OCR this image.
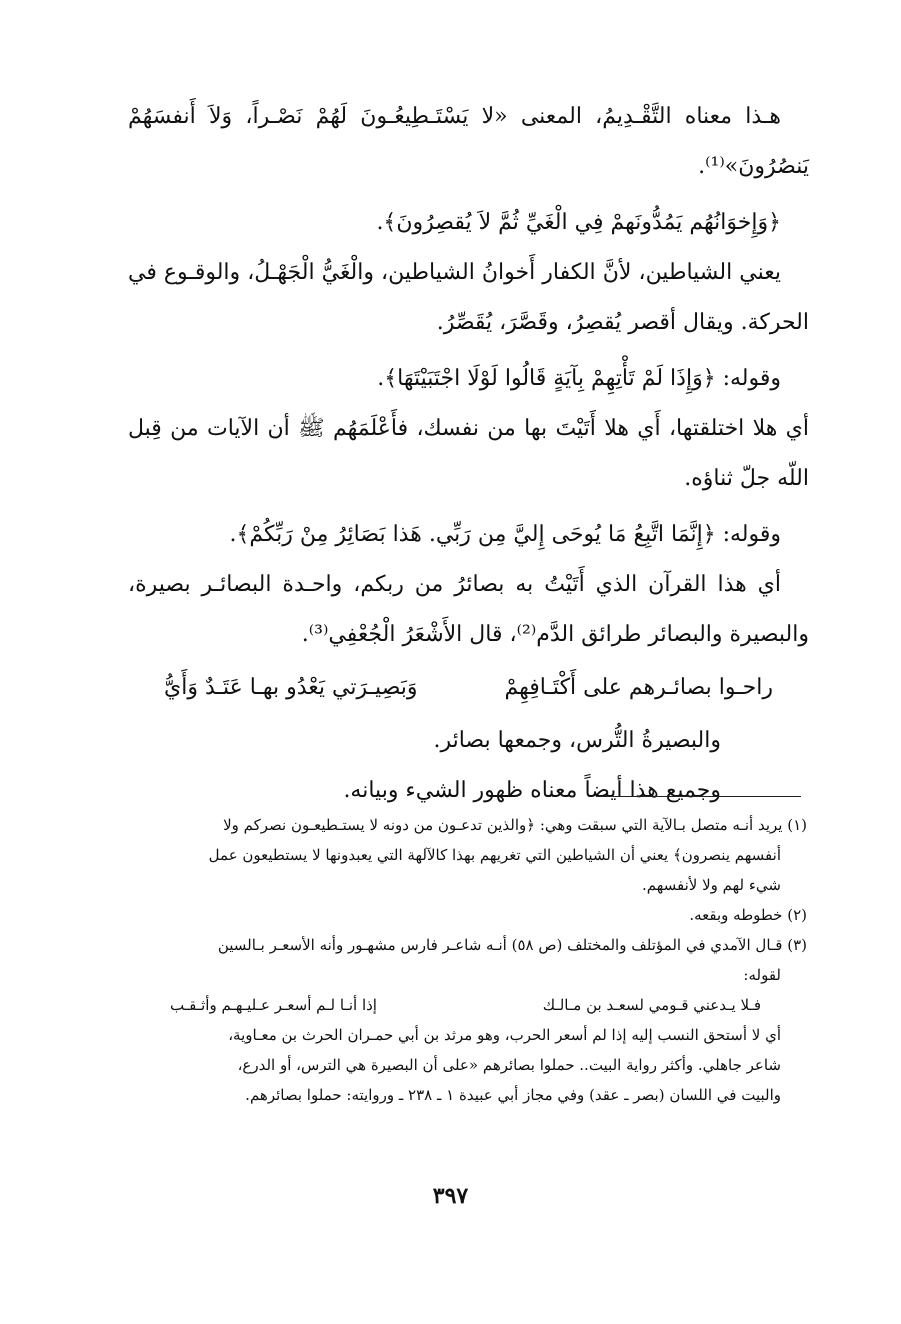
هـذا معناه التَّقْـدِيمُ، المعنى «لا يَسْتَـطِيعُـونَ لَهُمْ نَصْـراً، وَلاَ أَنفسَهُمْ يَنصُرُونَ»⁽¹⁾.

﴿وَإِخوَانُهُم يَمُدُّونَهمْ فِي الْغَيِّ ثُمَّ لاَ يُقصِرُونَ﴾.

يعني الشياطين، لأنَّ الكفار أَخوانُ الشياطين، والْغَيُّ الْجَهْـلُ، والوقـوع في الحركة. ويقال أقصر يُقصِرُ، وقَصَّرَ، يُقَصِّرُ.

وقوله: ﴿وَإِذَا لَمْ تَأْتِهِمْ بِآيَةٍ قَالُوا لَوْلَا اجْتَبَيْتَهَا﴾.

أي هلا اختلقتها، أَي هلا أَتَيْتَ بها من نفسك، فأَعْلَمَهُم ﷺ أن الآيات من قِبل اللّه جلّ ثناؤه.

وقوله: ﴿إِنَّمَا اتَّبِعُ مَا يُوحَى إِليَّ مِن رَبِّي. هَذا بَصَائِرُ مِنْ رَبِّكُمْ﴾.

أي هذا القرآن الذي أَتَيْتُ به بصائرُ من ربكم، واحـدة البصائـر بصيرة، والبصيرة والبصائر طرائق الدَّم⁽²⁾، قال الأَشْعَرُ الْجُعْفِي⁽³⁾.

راحـوا بصائـرهم على أَكْتَـافِهِمْ
وَبَصِيـرَتي يَعْدُو بهـا عَتَـدٌ وَأَيُّ

والبصيرةُ التُّرس، وجمعها بصائر.

وجميع هذا أيضاً معناه ظهور الشيء وبيانه.

(١) يريد أنـه متصل بـالآية التي سبقت وهي: ﴿والذين تدعـون من دونه لا يستـطيعـون نصركم ولا

أنفسهم ينصرون﴾ يعني أن الشياطين التي تغريهم بهذا كالآلهة التي يعبدونها لا يستطيعون عمل

شيء لهم ولا لأنفسهم.

(٢) خطوطه وبقعه.

(٣) قـال الآمدي في المؤتلف والمختلف (ص ٥٨) أنـه شاعـر فارس مشهـور وأنه الأسعـر بـالسين

لقوله:

فـلا يـدعني قـومي لسعـد بن مـالـك
إذا أنـا لـم أسعـر عـليـهـم وأثـقـب

أي لا أستحق النسب إليه إذا لم أسعر الحرب، وهو مرثد بن أبي حمـران الحرث بن معـاوية،

شاعر جاهلي. وأكثر رواية البيت.. حملوا بصائرهم «على أن البصيرة هي الترس، أو الدرع،

والبيت في اللسان (بصر ـ عقد) وفي مجاز أبي عبيدة ١ ـ ٢٣٨ ـ وروايته: حملوا بصائرهم.

٣٩٧
